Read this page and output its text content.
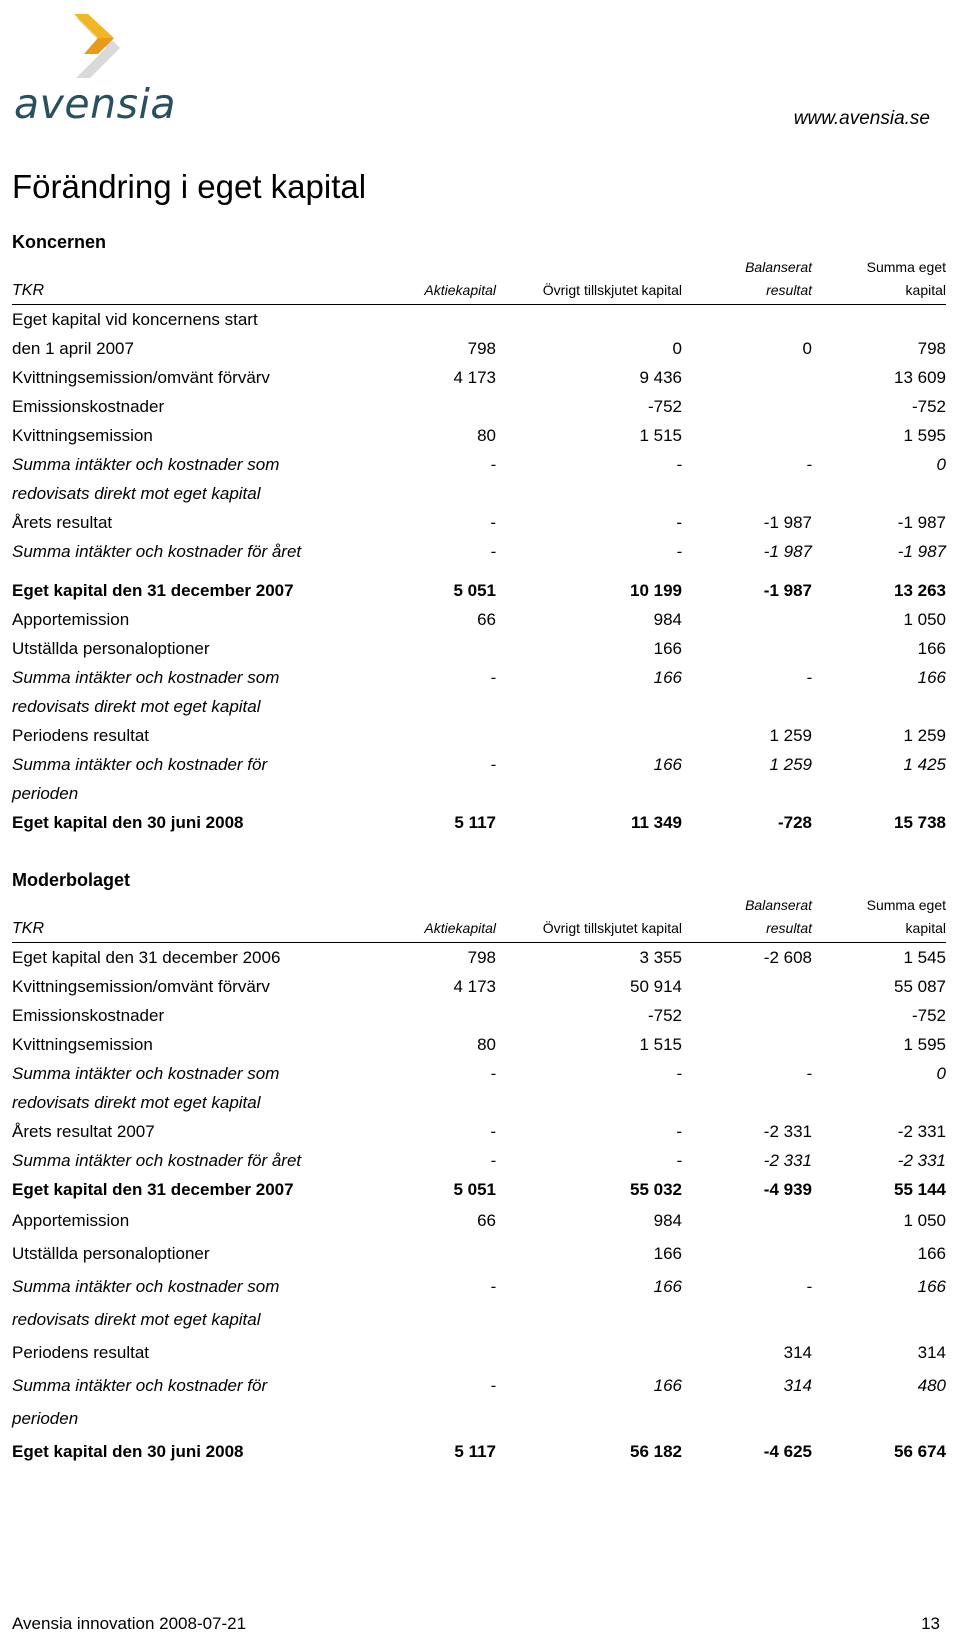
avensia	www.avensia.se
Förändring i eget kapital
Koncernen
			Balanserat	Summa eget
TKR	Aktiekapital	Övrigt tillskjutet kapital	resultat	kapital
Eget kapital vid koncernens start				
den 1 april 2007	798	0	0	798
Kvittningsemission/omvänt förvärv	4 173	9 436		13 609
Emissionskostnader		-752		-752
Kvittningsemission	80	1 515		1 595
Summa intäkter och kostnader som	-	-	-	0
redovisats direkt mot eget kapital				
Årets resultat	-	-	-1 987	-1 987
Summa intäkter och kostnader för året	-	-	-1 987	-1 987
Eget kapital den 31 december 2007	5 051	10 199	-1 987	13 263
Apportemission	66	984		1 050
Utställda personaloptioner		166		166
Summa intäkter och kostnader som	-	166	-	166
redovisats direkt mot eget kapital				
Periodens resultat			1 259	1 259
Summa intäkter och kostnader för	-	166	1 259	1 425
perioden				
Eget kapital den 30 juni 2008	5 117	11 349	-728	15 738
Moderbolaget
			Balanserat	Summa eget
TKR	Aktiekapital	Övrigt tillskjutet kapital	resultat	kapital
Eget kapital den 31 december 2006	798	3 355	-2 608	1 545
Kvittningsemission/omvänt förvärv	4 173	50 914		55 087
Emissionskostnader		-752		-752
Kvittningsemission	80	1 515		1 595
Summa intäkter och kostnader som	-	-	-	0
redovisats direkt mot eget kapital				
Årets resultat 2007	-	-	-2 331	-2 331
Summa intäkter och kostnader för året	-	-	-2 331	-2 331
Eget kapital den 31 december 2007	5 051	55 032	-4 939	55 144
Apportemission	66	984		1 050
Utställda personaloptioner		166		166
Summa intäkter och kostnader som	-	166	-	166
redovisats direkt mot eget kapital				
Periodens resultat			314	314
Summa intäkter och kostnader för	-	166	314	480
perioden				
Eget kapital den 30 juni 2008	5 117	56 182	-4 625	56 674
Avensia innovation 2008-07-21	13
